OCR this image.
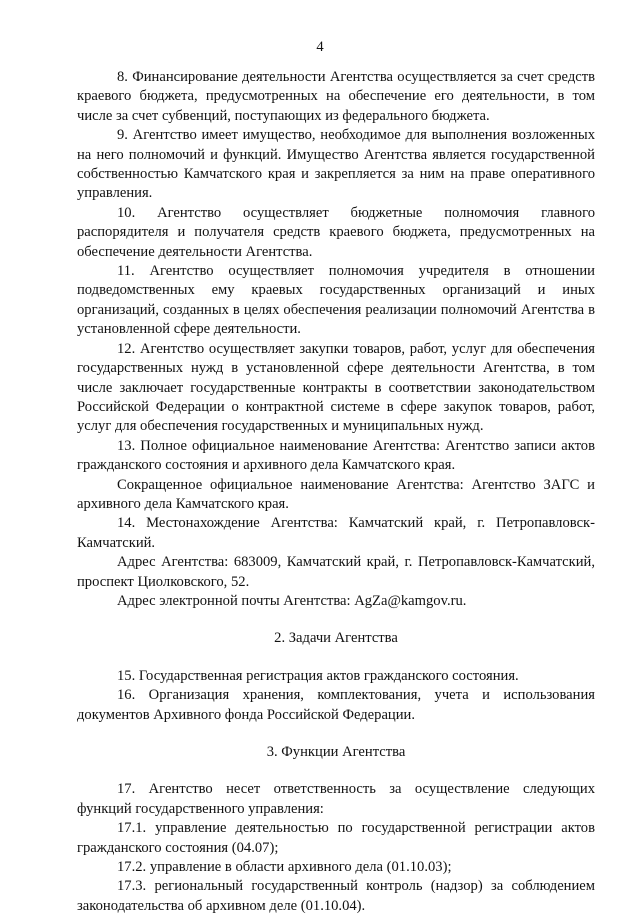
4

8. Финансирование деятельности Агентства осуществляется за счет средств краевого бюджета, предусмотренных на обеспечение его деятельности, в том числе за счет субвенций, поступающих из федерального бюджета.

9. Агентство имеет имущество, необходимое для выполнения возложенных на него полномочий и функций. Имущество Агентства является государственной собственностью Камчатского края и закрепляется за ним на праве оперативного управления.

10. Агентство осуществляет бюджетные полномочия главного распорядителя и получателя средств краевого бюджета, предусмотренных на обеспечение деятельности Агентства.

11. Агентство осуществляет полномочия учредителя в отношении подведомственных ему краевых государственных организаций и иных организаций, созданных в целях обеспечения реализации полномочий Агентства в установленной сфере деятельности.

12. Агентство осуществляет закупки товаров, работ, услуг для обеспечения государственных нужд в установленной сфере деятельности Агентства, в том числе заключает государственные контракты в соответствии законодательством Российской Федерации о контрактной системе в сфере закупок товаров, работ, услуг для обеспечения государственных и муниципальных нужд.

13. Полное официальное наименование Агентства: Агентство записи актов гражданского состояния и архивного дела Камчатского края.

Сокращенное официальное наименование Агентства: Агентство ЗАГС и архивного дела Камчатского края.

14. Местонахождение Агентства: Камчатский край, г. Петропавловск-Камчатский.

Адрес Агентства: 683009, Камчатский край, г. Петропавловск-Камчатский, проспект Циолковского, 52.

Адрес электронной почты Агентства: AgZa@kamgov.ru.

2. Задачи Агентства

15. Государственная регистрация актов гражданского состояния.

16. Организация хранения, комплектования, учета и использования документов Архивного фонда Российской Федерации.

3. Функции Агентства

17. Агентство несет ответственность за осуществление следующих функций государственного управления:

17.1. управление деятельностью по государственной регистрации актов гражданского состояния (04.07);

17.2. управление в области архивного дела (01.10.03);

17.3. региональный государственный контроль (надзор) за соблюдением законодательства об архивном деле (01.10.04).
